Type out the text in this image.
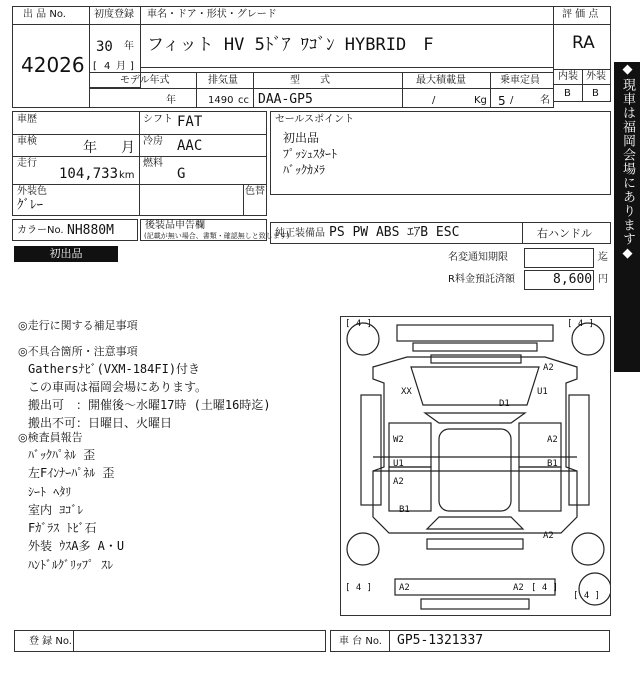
出 品 No.
42026
初度登録
30 年
[ 4 月 ]
車名・ドア・形状・グレード
フィット HV 5ﾄﾞｱ ﾜｺﾞﾝ HYBRID　F
評 価 点
RA
内装 外装
B B
モデル年式
年
排気量
1490 cc
型　　式
DAA-GP5
最大積載量
/	Kg
乗車定員
5 /	名
車歴	シフト FAT
車検	年 月 冷房 AAC
走行
104,733 km
燃料
G
外装色
ｸﾞﾚｰ
色替
カラーNo. NH880M	後装品申告欄
(記載が無い場合、書類・確認無しと致します)
セールスポイント
初出品
ﾌﾟｯｼｭｽﾀｰﾄ
ﾊﾞｯｸｶﾒﾗ
純正装備品 PS PW ABS ｴｱB ESC	右ハンドル
初出品	名変通知期限	迄
R料金預託済額	8,600 円
◆現車は福岡会場にあります◆
◎走行に関する補足事項
◎不具合箇所・注意事項
Gathersﾅﾋﾞ(VXM-184FI)付き
この車両は福岡会場にあります。
搬出可　：開催後～水曜17時 (土曜16時迄)
搬出不可：日曜日、火曜日
◎検査員報告
ﾊﾞｯｸﾊﾟﾈﾙ 歪
左Fｲﾝﾅｰﾊﾟﾈﾙ 歪
ｼｰﾄ ﾍﾀﾘ
室内 ﾖｺﾞﾚ
Fｶﾞﾗｽ ﾄﾋﾞ石
外装 ｳｽA多 A・U
ﾊﾝﾄﾞﾙｸﾞﾘｯﾌﾟ ｽﾚ
[ 4 ]	[ 4 ]
[ 4 ]	[ 4 ]
[ 4 ]
XX
D1
A2
U1
W2	A2
U1	B1
A2
B1
A2
A2	A2
登 録 No.	車 台 No. GP5-1321337
